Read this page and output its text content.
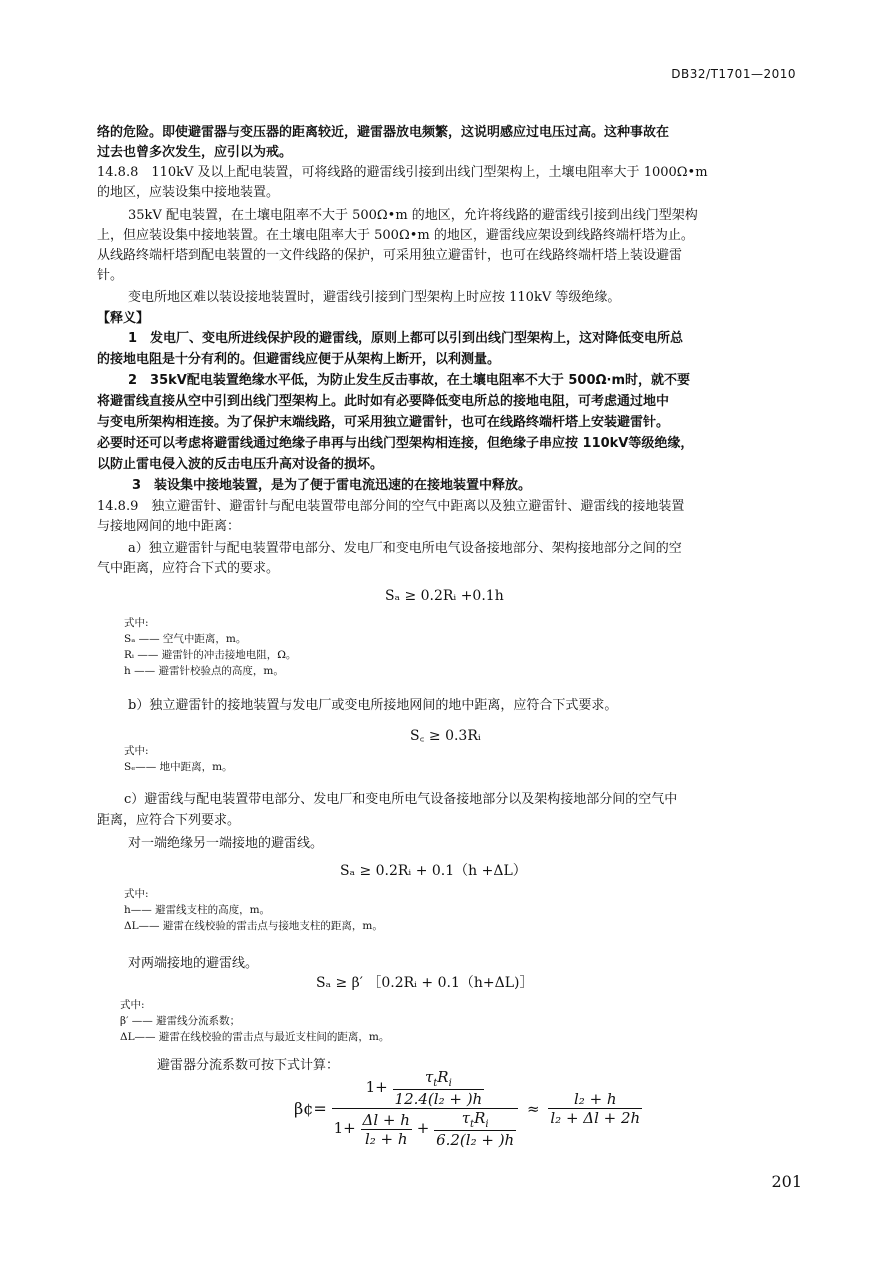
DB32/T1701—2010
络的危险。即使避雷器与变压器的距离较近，避雷器放电频繁，这说明感应过电压过高。这种事故在
过去也曾多次发生，应引以为戒。
14.8.8　110kV 及以上配电装置，可将线路的避雷线引接到出线门型架构上，土壤电阻率大于 1000Ω•m
的地区，应装设集中接地装置。
35kV 配电装置，在土壤电阻率不大于 500Ω•m 的地区，允许将线路的避雷线引接到出线门型架构
上，但应装设集中接地装置。在土壤电阻率大于 500Ω•m 的地区，避雷线应架设到线路终端杆塔为止。
从线路终端杆塔到配电装置的一文件线路的保护，可采用独立避雷针，也可在线路终端杆塔上装设避雷
针。
变电所地区难以装设接地装置时，避雷线引接到门型架构上时应按 110kV 等级绝缘。
【释义】
1　发电厂、变电所进线保护段的避雷线，原则上都可以引到出线门型架构上，这对降低变电所总
的接地电阻是十分有利的。但避雷线应便于从架构上断开，以利测量。
2　35kV配电装置绝缘水平低，为防止发生反击事故，在土壤电阻率不大于 500Ω·m时，就不要
将避雷线直接从空中引到出线门型架构上。此时如有必要降低变电所总的接地电阻，可考虑通过地中
与变电所架构相连接。为了保护末端线路，可采用独立避雷针，也可在线路终端杆塔上安装避雷针。
必要时还可以考虑将避雷线通过绝缘子串再与出线门型架构相连接，但绝缘子串应按 110kV等级绝缘，
以防止雷电侵入波的反击电压升高对设备的损坏。
3　装设集中接地装置，是为了便于雷电流迅速的在接地装置中释放。
14.8.9　独立避雷针、避雷针与配电装置带电部分间的空气中距离以及独立避雷针、避雷线的接地装置
与接地网间的地中距离：
a）独立避雷针与配电装置带电部分、发电厂和变电所电气设备接地部分、架构接地部分之间的空
气中距离，应符合下式的要求。
b）独立避雷针的接地装置与发电厂或变电所接地网间的地中距离，应符合下式要求。
c）避雷线与配电装置带电部分、发电厂和变电所电气设备接地部分以及架构接地部分间的空气中
距离，应符合下列要求。
对一端绝缘另一端接地的避雷线。
对两端接地的避雷线。
避雷器分流系数可按下式计算：
Sₐ ≥ 0.2Rᵢ +0.1h
S꜀ ≥ 0.3Rᵢ
Sₐ ≥ 0.2Rᵢ + 0.1（h +ΔL）
Sₐ ≥ β′ ［0.2Rᵢ + 0.1（h+ΔL)］
式中:
Sₐ —— 空气中距离，m。
Rᵢ —— 避雷针的冲击接地电阻，Ω。
h —— 避雷针校验点的高度，m。
式中:
Sₑ—— 地中距离，m。
式中:
h—— 避雷线支柱的高度，m。
ΔL—— 避雷在线校验的雷击点与接地支柱的距离，m。
式中:
β′ —— 避雷线分流系数；
ΔL—— 避雷在线校验的雷击点与最近支柱间的距离，m。
β¢=
$1+ \frac{\tau_tR_i}{\text{12.4(l₂ + )h}}$
$1+ \frac{\Delta l + h}{\text{l₂ + h}} + \frac{\tau_tR_i}{\text{6.2(l₂ + )h}}$
≈ $\frac{\text{l₂ + h}}{\text{l₂ + Δl + 2h}}$
201
